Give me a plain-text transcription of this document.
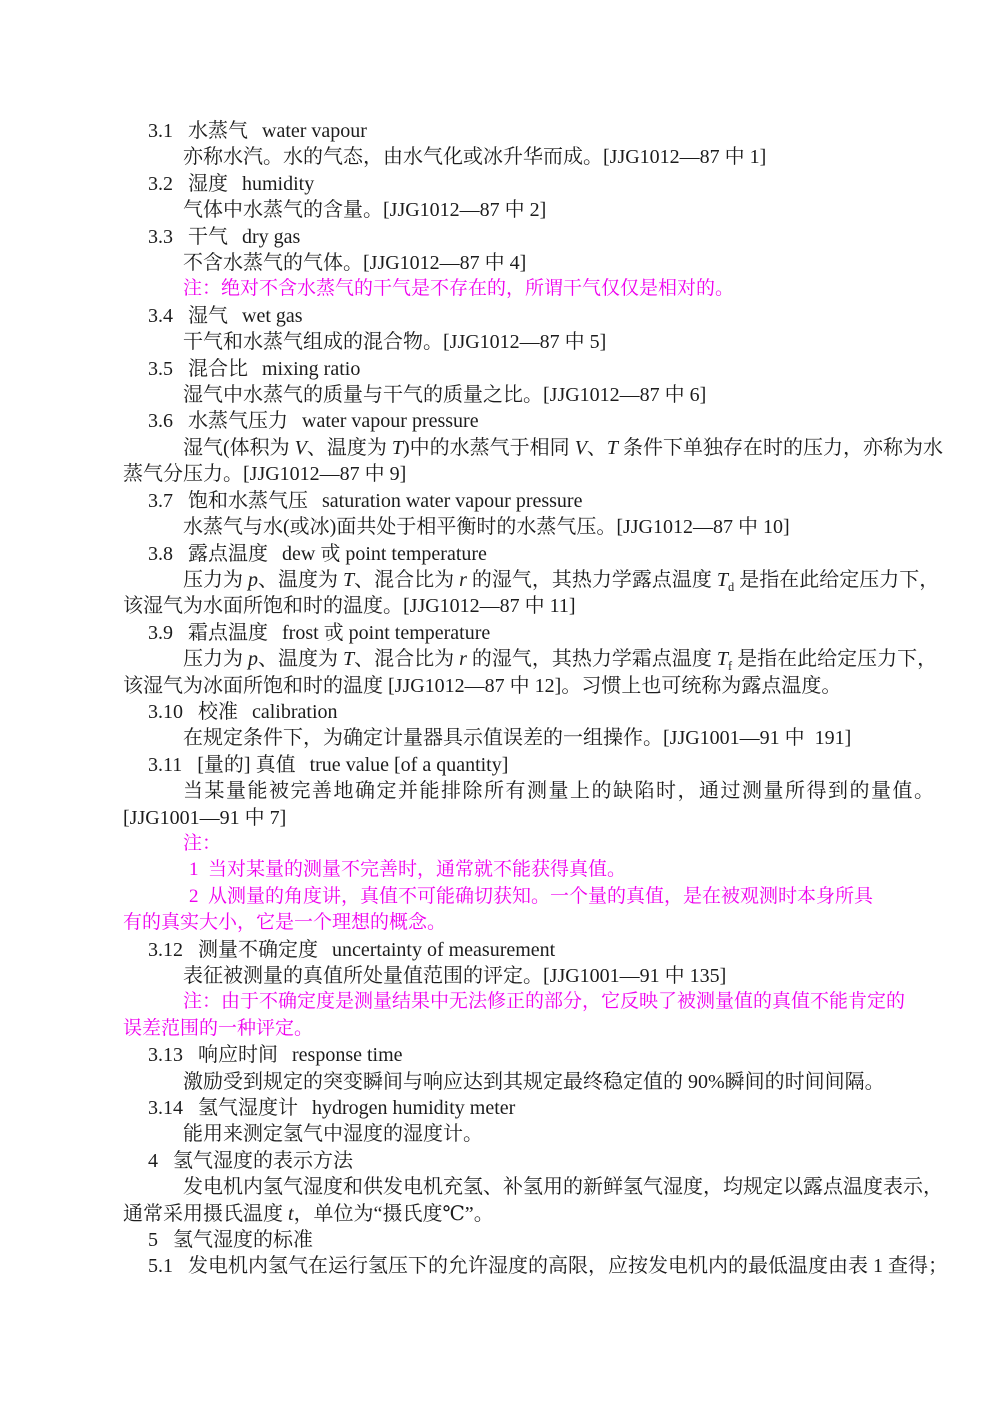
3.1 水蒸气 water vapour

亦称水汽。水的气态，由水气化或冰升华而成。[JJG1012—87 中 1]

3.2 湿度 humidity

气体中水蒸气的含量。[JJG1012—87 中 2]

3.3 干气 dry gas

不含水蒸气的气体。[JJG1012—87 中 4]

注：绝对不含水蒸气的干气是不存在的，所谓干气仅仅是相对的。

3.4 湿气 wet gas

干气和水蒸气组成的混合物。[JJG1012—87 中 5]

3.5 混合比 mixing ratio

湿气中水蒸气的质量与干气的质量之比。[JJG1012—87 中 6]

3.6 水蒸气压力 water vapour pressure

湿气(体积为 V、温度为 T)中的水蒸气于相同 V、T 条件下单独存在时的压力，亦称为水

蒸气分压力。[JJG1012—87 中 9]

3.7 饱和水蒸气压 saturation water vapour pressure

水蒸气与水(或冰)面共处于相平衡时的水蒸气压。[JJG1012—87 中 10]

3.8 露点温度 dew 戓 point temperature

压力为 p、温度为 T、混合比为 r 的湿气，其热力学露点温度 $T_d$ 是指在此给定压力下，

该湿气为水面所饱和时的温度。[JJG1012—87 中 11]

3.9 霜点温度 frost 戓 point temperature

压力为 p、温度为 T、混合比为 r 的湿气，其热力学霜点温度 $T_f$ 是指在此给定压力下，

该湿气为冰面所饱和时的温度 [JJG1012—87 中 12]。习惯上也可统称为露点温度。

3.10 校准 calibration

在规定条件下，为确定计量器具示值误差的一组操作。[JJG1001—91 中  191]

3.11 [量的] 真值 true value [of a quantity]

当某量能被完善地确定并能排除所有测量上的缺陷时，通过测量所得到的量值。

[JJG1001—91 中 7]

注：

1  当对某量的测量不完善时，通常就不能获得真值。

2  从测量的角度讲，真值不可能确切获知。一个量的真值，是在被观测时本身所具

有的真实大小，它是一个理想的概念。

3.12 测量不确定度 uncertainty of measurement

表征被测量的真值所处量值范围的评定。[JJG1001—91 中 135]

注：由于不确定度是测量结果中无法修正的部分，它反映了被测量值的真值不能肯定的

误差范围的一种评定。

3.13 响应时间 response time

激励受到规定的突变瞬间与响应达到其规定最终稳定值的 90%瞬间的时间间隔。

3.14 氢气湿度计 hydrogen humidity meter

能用来测定氢气中湿度的湿度计。

4 氢气湿度的表示方法

发电机内氢气湿度和供发电机充氢、补氢用的新鲜氢气湿度，均规定以露点温度表示，

通常采用摄氏温度 t，单位为“摄氏度℃”。

5 氢气湿度的标准

5.1 发电机内氢气在运行氢压下的允许湿度的高限，应按发电机内的最低温度由表 1 查得；
